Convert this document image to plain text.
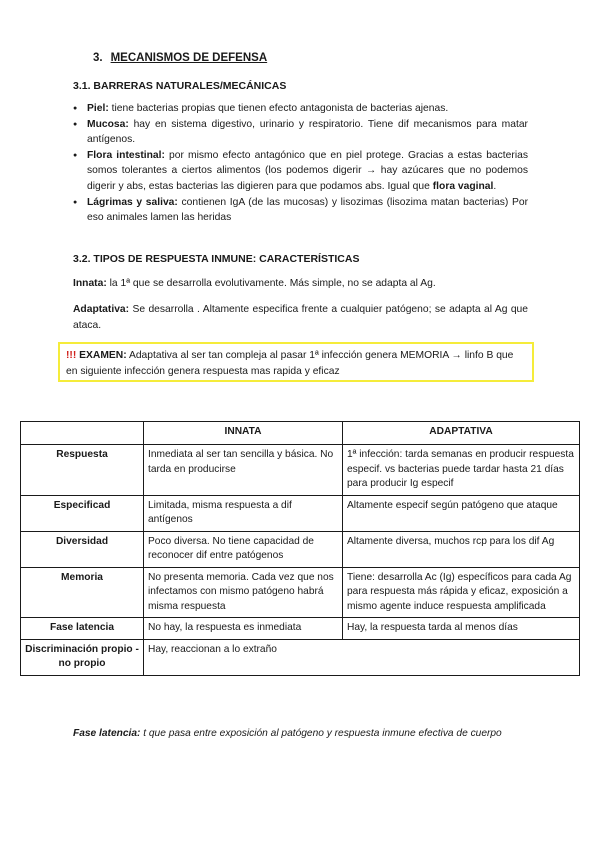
3. MECANISMOS DE DEFENSA
3.1. BARRERAS NATURALES/MECÁNICAS
● Piel: tiene bacterias propias que tienen efecto antagonista de bacterias ajenas.
● Mucosa: hay en sistema digestivo, urinario y respiratorio. Tiene dif mecanismos para matar antígenos.
● Flora intestinal: por mismo efecto antagónico que en piel protege. Gracias a estas bacterias somos tolerantes a ciertos alimentos (los podemos digerir → hay azúcares que no podemos digerir y abs, estas bacterias las digieren para que podamos abs. Igual que flora vaginal.
● Lágrimas y saliva: contienen IgA (de las mucosas) y lisozimas (lisozima matan bacterias) Por eso animales lamen las heridas
3.2. TIPOS DE RESPUESTA INMUNE: CARACTERÍSTICAS
Innata: la 1ª que se desarrolla evolutivamente. Más simple, no se adapta al Ag.
Adaptativa: Se desarrolla . Altamente especifica frente a cualquier patógeno; se adapta al Ag que ataca.
!!! EXAMEN: Adaptativa al ser tan compleja al pasar 1ª infección genera MEMORIA → linfo B que en siguiente infección genera respuesta mas rapida y eficaz
	INNATA	ADAPTATIVA
Respuesta	Inmediata al ser tan sencilla y básica. No tarda en producirse	1ª infección: tarda semanas en producir respuesta especif. vs bacterias puede tardar hasta 21 días para producir Ig especif
Especificad	Limitada, misma respuesta a dif antígenos	Altamente especif según patógeno que ataque
Diversidad	Poco diversa. No tiene capacidad de reconocer dif entre patógenos	Altamente diversa, muchos rcp para los dif Ag
Memoria	No presenta memoria. Cada vez que nos infectamos con mismo patógeno habrá misma respuesta	Tiene: desarrolla Ac (Ig) específicos para cada Ag para respuesta más rápida y eficaz, exposición a mismo agente induce respuesta amplificada
Fase latencia	No hay, la respuesta es inmediata	Hay, la respuesta tarda al menos días
Discriminación propio - no propio	Hay, reaccionan a lo extraño	
Fase latencia: t que pasa entre exposición al patógeno y respuesta inmune efectiva de cuerpo
